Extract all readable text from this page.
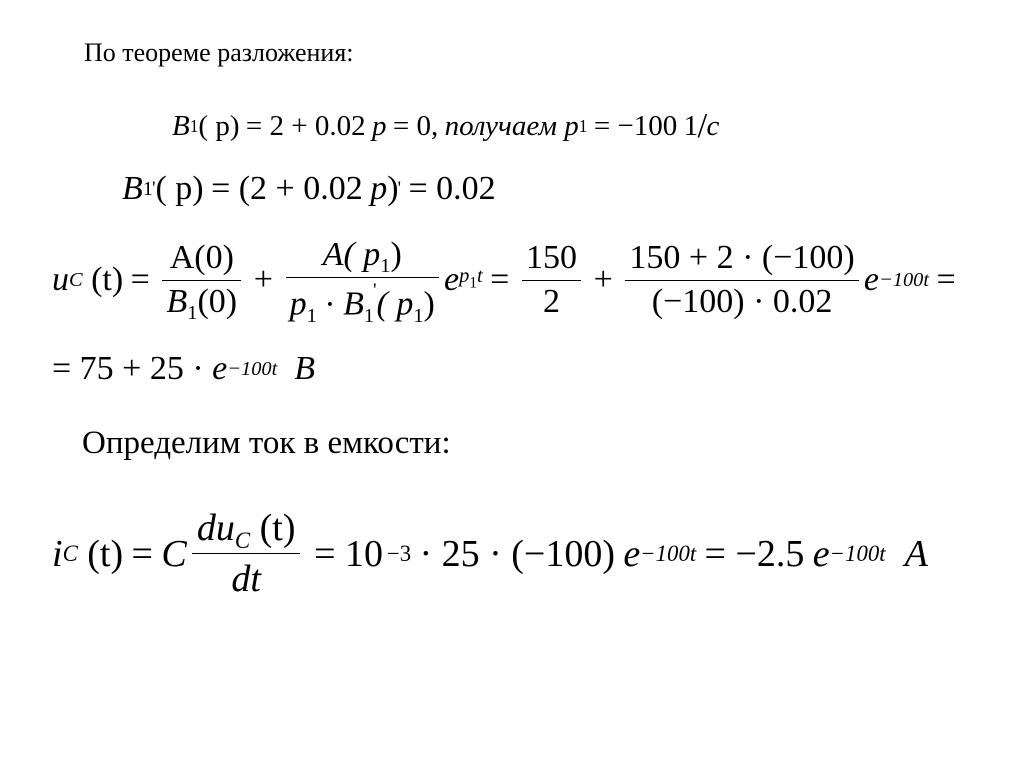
По теореме разложения:
B 1 ( p) = 2 + 0.02 p = 0, получаем p 1 = −100 1 / c
B 1 ' ( p) = (2 + 0.02 p ) ' = 0.02
u C $(t) = \frac{A(0)}{B_1(0)} + \frac{A( p_1)}{p_1 \cdot B_1'( p_1)}$ e $p_1t = \frac{150}{2} + \frac{150 + 2 \cdot (-100)}{(-100) \cdot 0.02}$ e −100t =
= 75 + 25 · e −100t B
Определим ток в емкости:
i C (t) = C $\frac{du_C (t)}{dt} = 10 -3 \cdot 25 \cdot (-100)$ e −100t = −2.5 e −100t A
